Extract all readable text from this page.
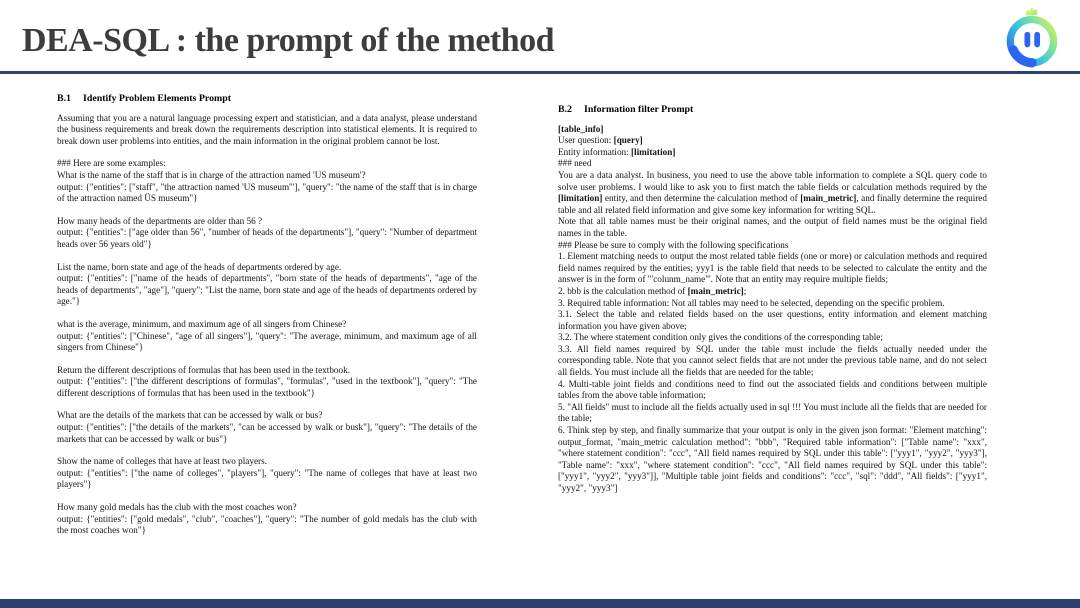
DEA-SQL : the prompt of the method
B.1 Identify Problem Elements Prompt

Assuming that you are a natural language processing expert and statistician, and a data analyst, please understand the business requirements and break down the requirements description into statistical elements. It is required to break down user problems into entities, and the main information in the original problem cannot be lost.

### Here are some examples:

What is the name of the staff that is in charge of the attraction named 'US museum'?

output: {"entities": ["staff", "the attraction named 'US museum'"], "query": "the name of the staff that is in charge of the attraction named ÜS museum"}

How many heads of the departments are older than 56 ?

output: {"entities": ["age older than 56", "number of heads of the departments"], "query": "Number of department heads over 56 years old"}

List the name, born state and age of the heads of departments ordered by age.

output: {"entities": ["name of the heads of departments", "born state of the heads of departments", "age of the heads of departments", "age"], "query": "List the name, born state and age of the heads of departments ordered by age."}

what is the average, minimum, and maximum age of all singers from Chinese?

output: {"entities": ["Chinese", "age of all singers"], "query": "The average, minimum, and maximum age of all singers from Chinese"}

Return the different descriptions of formulas that has been used in the textbook.

output: {"entities": ["the different descriptions of formulas", "formulas", "used in the textbook"], "query": "The different descriptions of formulas that has been used in the textbook"}

What are the details of the markets that can be accessed by walk or bus?

output: {"entities": ["the details of the markets", "can be accessed by walk or busk"], "query": "The details of the markets that can be accessed by walk or bus"}

Show the name of colleges that have at least two players.

output: {"entities": ["the name of colleges", "players"], "query": "The name of colleges that have at least two players"}

How many gold medals has the club with the most coaches won?

output: {"entities": ["gold medals", "club", "coaches"], "query": "The number of gold medals has the club with the most coaches won"}

B.2 Information filter Prompt

[table_info]

User question: [query]

Entity information: [limitation]

### need

You are a data analyst. In business, you need to use the above table information to complete a SQL query code to solve user problems. I would like to ask you to first match the table fields or calculation methods required by the [limitation] entity, and then determine the calculation method of [main_metric], and finally determine the required table and all related field information and give some key information for writing SQL.

Note that all table names must be their original names, and the output of field names must be the original field names in the table.

### Please be sure to comply with the following specifications

1. Element matching needs to output the most related table fields (one or more) or calculation methods and required field names required by the entities; yyy1 is the table field that needs to be selected to calculate the entity and the answer is in the form of "'colunm_name"'. Note that an entity may require multiple fields;

2. bbb is the calculation method of [main_metric];

3. Required table information: Not all tables may need to be selected, depending on the specific problem.

3.1. Select the table and related fields based on the user questions, entity information and element matching information you have given above;

3.2. The where statement condition only gives the conditions of the corresponding table;

3.3. All field names required by SQL under the table must include the fields actually needed under the corresponding table. Note that you cannot select fields that are not under the previous table name, and do not select all fields. You must include all the fields that are needed for the table;

4. Multi-table joint fields and conditions need to find out the associated fields and conditions between multiple tables from the above table information;

5. "All fields" must to include all the fields actually used in sql !!! You must include all the fields that are needed for the table;

6. Think step by step, and finally summarize that your output is only in the given json format: "Element matching": output_format, "main_metric calculation method": "bbb", "Required table information": ["Table name": "xxx", "where statement condition": "ccc", "All field names required by SQL under this table": ["yyy1", "yyy2", "yyy3"], "Table name": "xxx", "where statement condition": "ccc", "All field names required by SQL under this table": ["yyy1", "yyy2", "yyy3"]], "Multiple table joint fields and conditions": "ccc", "sql": "ddd", "All fields": ["yyy1", "yyy2", "yyy3"]
